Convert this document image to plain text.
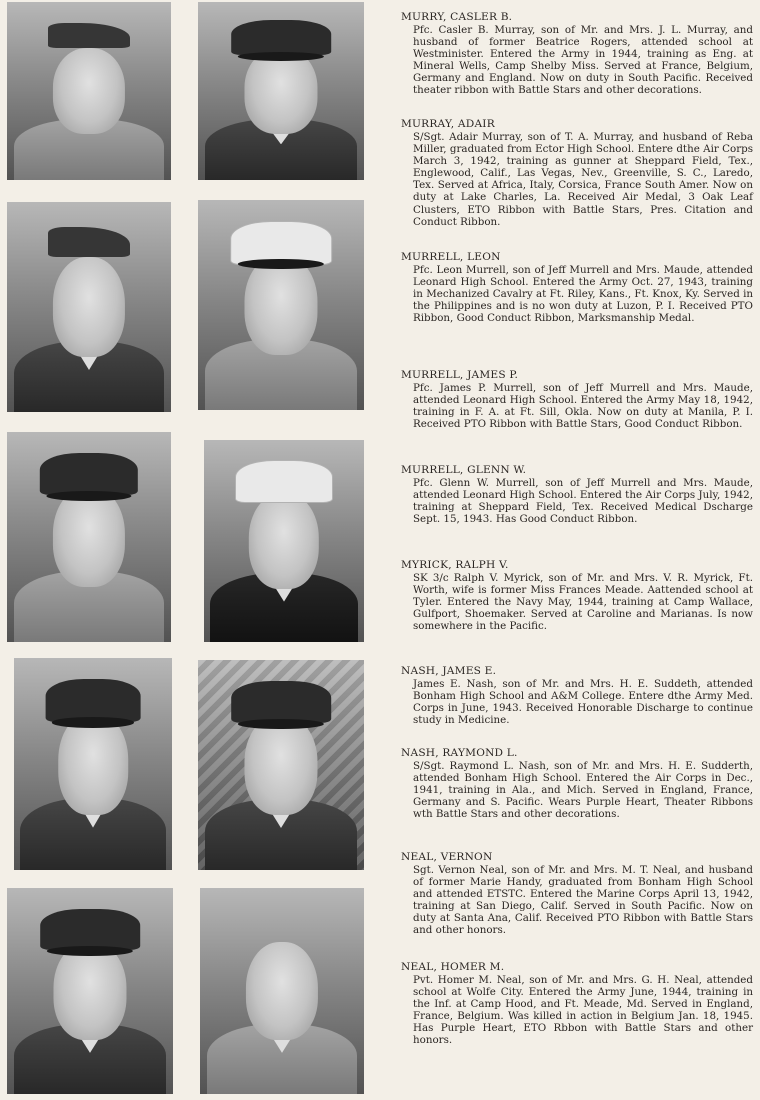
MURRY, CASLER B.

Pfc. Casler B. Murray, son of Mr. and Mrs. J. L. Murray, and husband of former Beatrice Rogers, attended school at Westminister. Entered the Army in 1944, training as Eng. at Mineral Wells, Camp Shelby Miss. Served at France, Belgium, Germany and England. Now on duty in South Pacific. Received theater ribbon with Battle Stars and other decorations.

MURRAY, ADAIR

S/Sgt. Adair Murray, son of T. A. Murray, and husband of Reba Miller, graduated from Ector High School. Entere dthe Air Corps March 3, 1942, training as gunner at Sheppard Field, Tex., Englewood, Calif., Las Vegas, Nev., Greenville, S. C., Laredo, Tex. Served at Africa, Italy, Corsica, France South Amer. Now on duty at Lake Charles, La. Received Air Medal, 3 Oak Leaf Clusters, ETO Ribbon with Battle Stars, Pres. Citation and Conduct Ribbon.

MURRELL, LEON

Pfc. Leon Murrell, son of Jeff Murrell and Mrs. Maude, attended Leonard High School. Entered the Army Oct. 27, 1943, training in Mechanized Cavalry at Ft. Riley, Kans., Ft. Knox, Ky. Served in the Philippines and is no won duty at Luzon, P. I. Received PTO Ribbon, Good Conduct Ribbon, Marksmanship Medal.

MURRELL, JAMES P.

Pfc. James P. Murrell, son of Jeff Murrell and Mrs. Maude, attended Leonard High School. Entered the Army May 18, 1942, training in F. A. at Ft. Sill, Okla. Now on duty at Manila, P. I. Received PTO Ribbon with Battle Stars, Good Conduct Ribbon.

MURRELL, GLENN W.

Pfc. Glenn W. Murrell, son of Jeff Murrell and Mrs. Maude, attended Leonard High School. Entered the Air Corps July, 1942, training at Sheppard Field, Tex. Received Medical Dscharge Sept. 15, 1943. Has Good Conduct Ribbon.

MYRICK, RALPH V.

SK 3/c Ralph V. Myrick, son of Mr. and Mrs. V. R. Myrick, Ft. Worth, wife is former Miss Frances Meade. Aattended school at Tyler. Entered the Navy May, 1944, training at Camp Wallace, Gulfport, Shoemaker. Served at Caroline and Marianas. Is now somewhere in the Pacific.

NASH, JAMES E.

James E. Nash, son of Mr. and Mrs. H. E. Suddeth, attended Bonham High School and A&M College. Entere dthe Army Med. Corps in June, 1943. Received Honorable Discharge to continue study in Medicine.

NASH, RAYMOND L.

S/Sgt. Raymond L. Nash, son of Mr. and Mrs. H. E. Sudderth, attended Bonham High School. Entered the Air Corps in Dec., 1941, training in Ala., and Mich. Served in England, France, Germany and S. Pacific. Wears Purple Heart, Theater Ribbons wth Battle Stars and other decorations.

NEAL, VERNON

Sgt. Vernon Neal, son of Mr. and Mrs. M. T. Neal, and husband of former Marie Handy, graduated from Bonham High School and attended ETSTC. Entered the Marine Corps April 13, 1942, training at San Diego, Calif. Served in South Pacific. Now on duty at Santa Ana, Calif. Received PTO Ribbon with Battle Stars and other honors.

NEAL, HOMER M.

Pvt. Homer M. Neal, son of Mr. and Mrs. G. H. Neal, attended school at Wolfe City. Entered the Army June, 1944, training in the Inf. at Camp Hood, and Ft. Meade, Md. Served in England, France, Belgium. Was killed in action in Belgium Jan. 18, 1945. Has Purple Heart, ETO Rbbon with Battle Stars and other honors.
